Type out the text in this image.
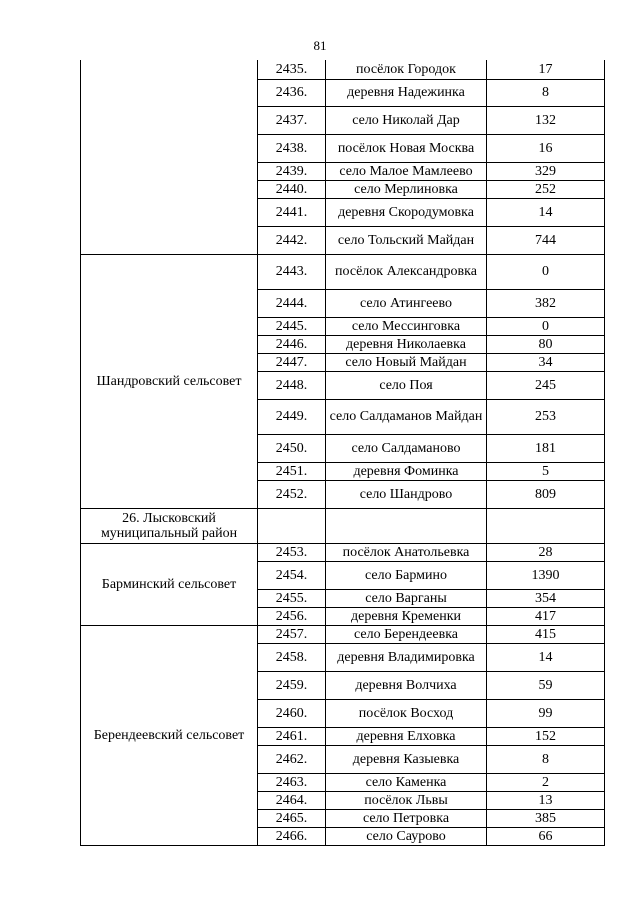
81
	2435.	посёлок Городок	17
	2436.	деревня Надежинка	8
	2437.	село Николай Дар	132
	2438.	посёлок Новая Москва	16
	2439.	село Малое Мамлеево	329
	2440.	село Мерлиновка	252
	2441.	деревня Скородумовка	14
	2442.	село Тольский Майдан	744
Шандровский сельсовет	2443.	посёлок Александровка	0
	2444.	село Атингеево	382
	2445.	село Мессинговка	0
	2446.	деревня Николаевка	80
	2447.	село Новый Майдан	34
	2448.	село Поя	245
	2449.	село Салдаманов Майдан	253
	2450.	село Салдаманово	181
	2451.	деревня Фоминка	5
	2452.	село Шандрово	809
26. Лысковский муниципальный район			
Барминский сельсовет	2453.	посёлок Анатольевка	28
	2454.	село Бармино	1390
	2455.	село Варганы	354
	2456.	деревня Кременки	417
Берендеевский сельсовет	2457.	село Берендеевка	415
	2458.	деревня Владимировка	14
	2459.	деревня Волчиха	59
	2460.	посёлок Восход	99
	2461.	деревня Елховка	152
	2462.	деревня Казыевка	8
	2463.	село Каменка	2
	2464.	посёлок Львы	13
	2465.	село Петровка	385
	2466.	село Саурово	66
